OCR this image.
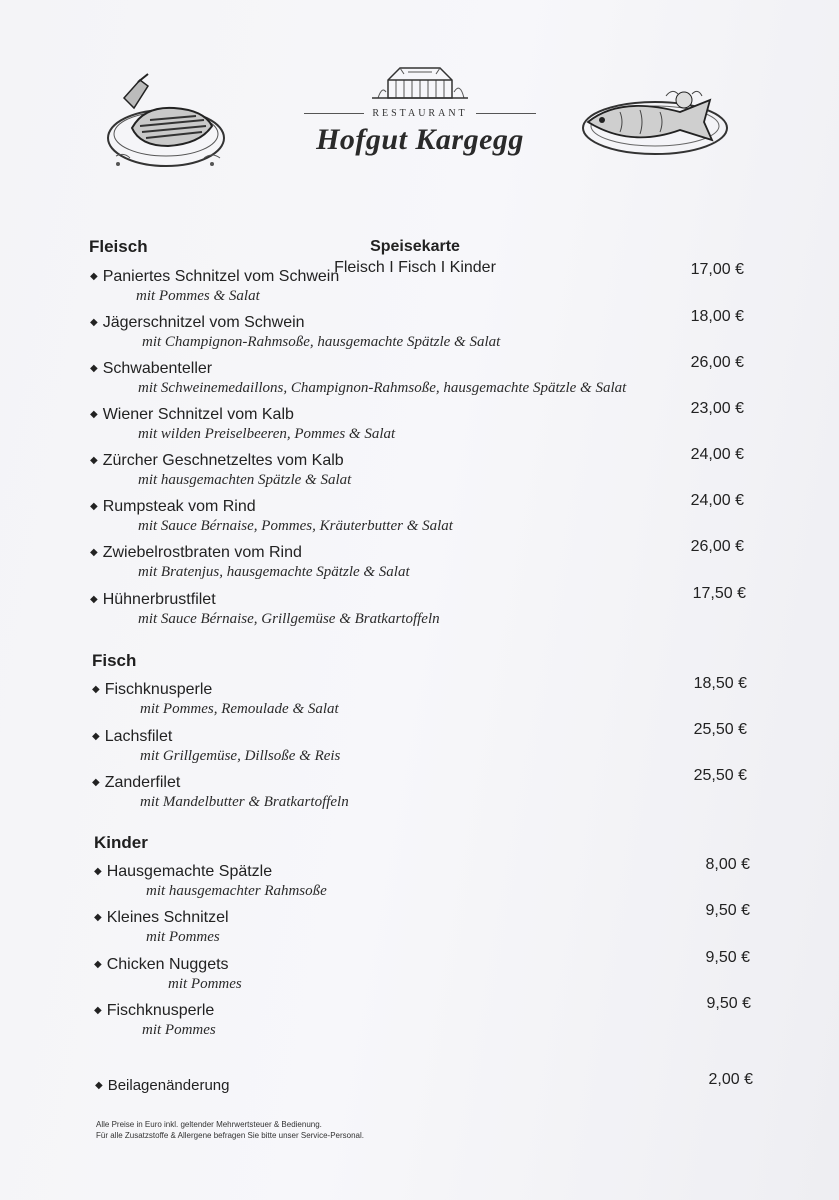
RESTAURANT
Hofgut Kargegg
Speisekarte
Fleisch I Fisch I Kinder
Fleisch
◆ Paniertes Schnitzel vom Schwein
mit Pommes & Salat
17,00 €
◆ Jägerschnitzel vom Schwein
mit Champignon-Rahmsoße, hausgemachte Spätzle & Salat
18,00 €
◆ Schwabenteller
mit Schweinemedaillons, Champignon-Rahmsoße, hausgemachte Spätzle & Salat
26,00 €
◆ Wiener Schnitzel vom Kalb
mit wilden Preiselbeeren, Pommes & Salat
23,00 €
◆ Zürcher Geschnetzeltes vom Kalb
mit hausgemachten Spätzle & Salat
24,00 €
◆ Rumpsteak vom Rind
mit Sauce Bérnaise, Pommes, Kräuterbutter & Salat
24,00 €
◆ Zwiebelrostbraten vom Rind
mit Bratenjus, hausgemachte Spätzle & Salat
26,00 €
◆ Hühnerbrustfilet
mit Sauce Bérnaise, Grillgemüse & Bratkartoffeln
17,50 €
Fisch
◆ Fischknusperle
mit Pommes, Remoulade & Salat
18,50 €
◆ Lachsfilet
mit Grillgemüse, Dillsoße & Reis
25,50 €
◆ Zanderfilet
mit Mandelbutter & Bratkartoffeln
25,50 €
Kinder
◆ Hausgemachte Spätzle
mit hausgemachter Rahmsoße
8,00 €
◆ Kleines Schnitzel
mit Pommes
9,50 €
◆ Chicken Nuggets
mit Pommes
9,50 €
◆ Fischknusperle
mit Pommes
9,50 €
◆ Beilagenänderung	2,00 €
Alle Preise in Euro inkl. geltender Mehrwertsteuer & Bedienung.
Für alle Zusatzstoffe & Allergene befragen Sie bitte unser Service-Personal.
